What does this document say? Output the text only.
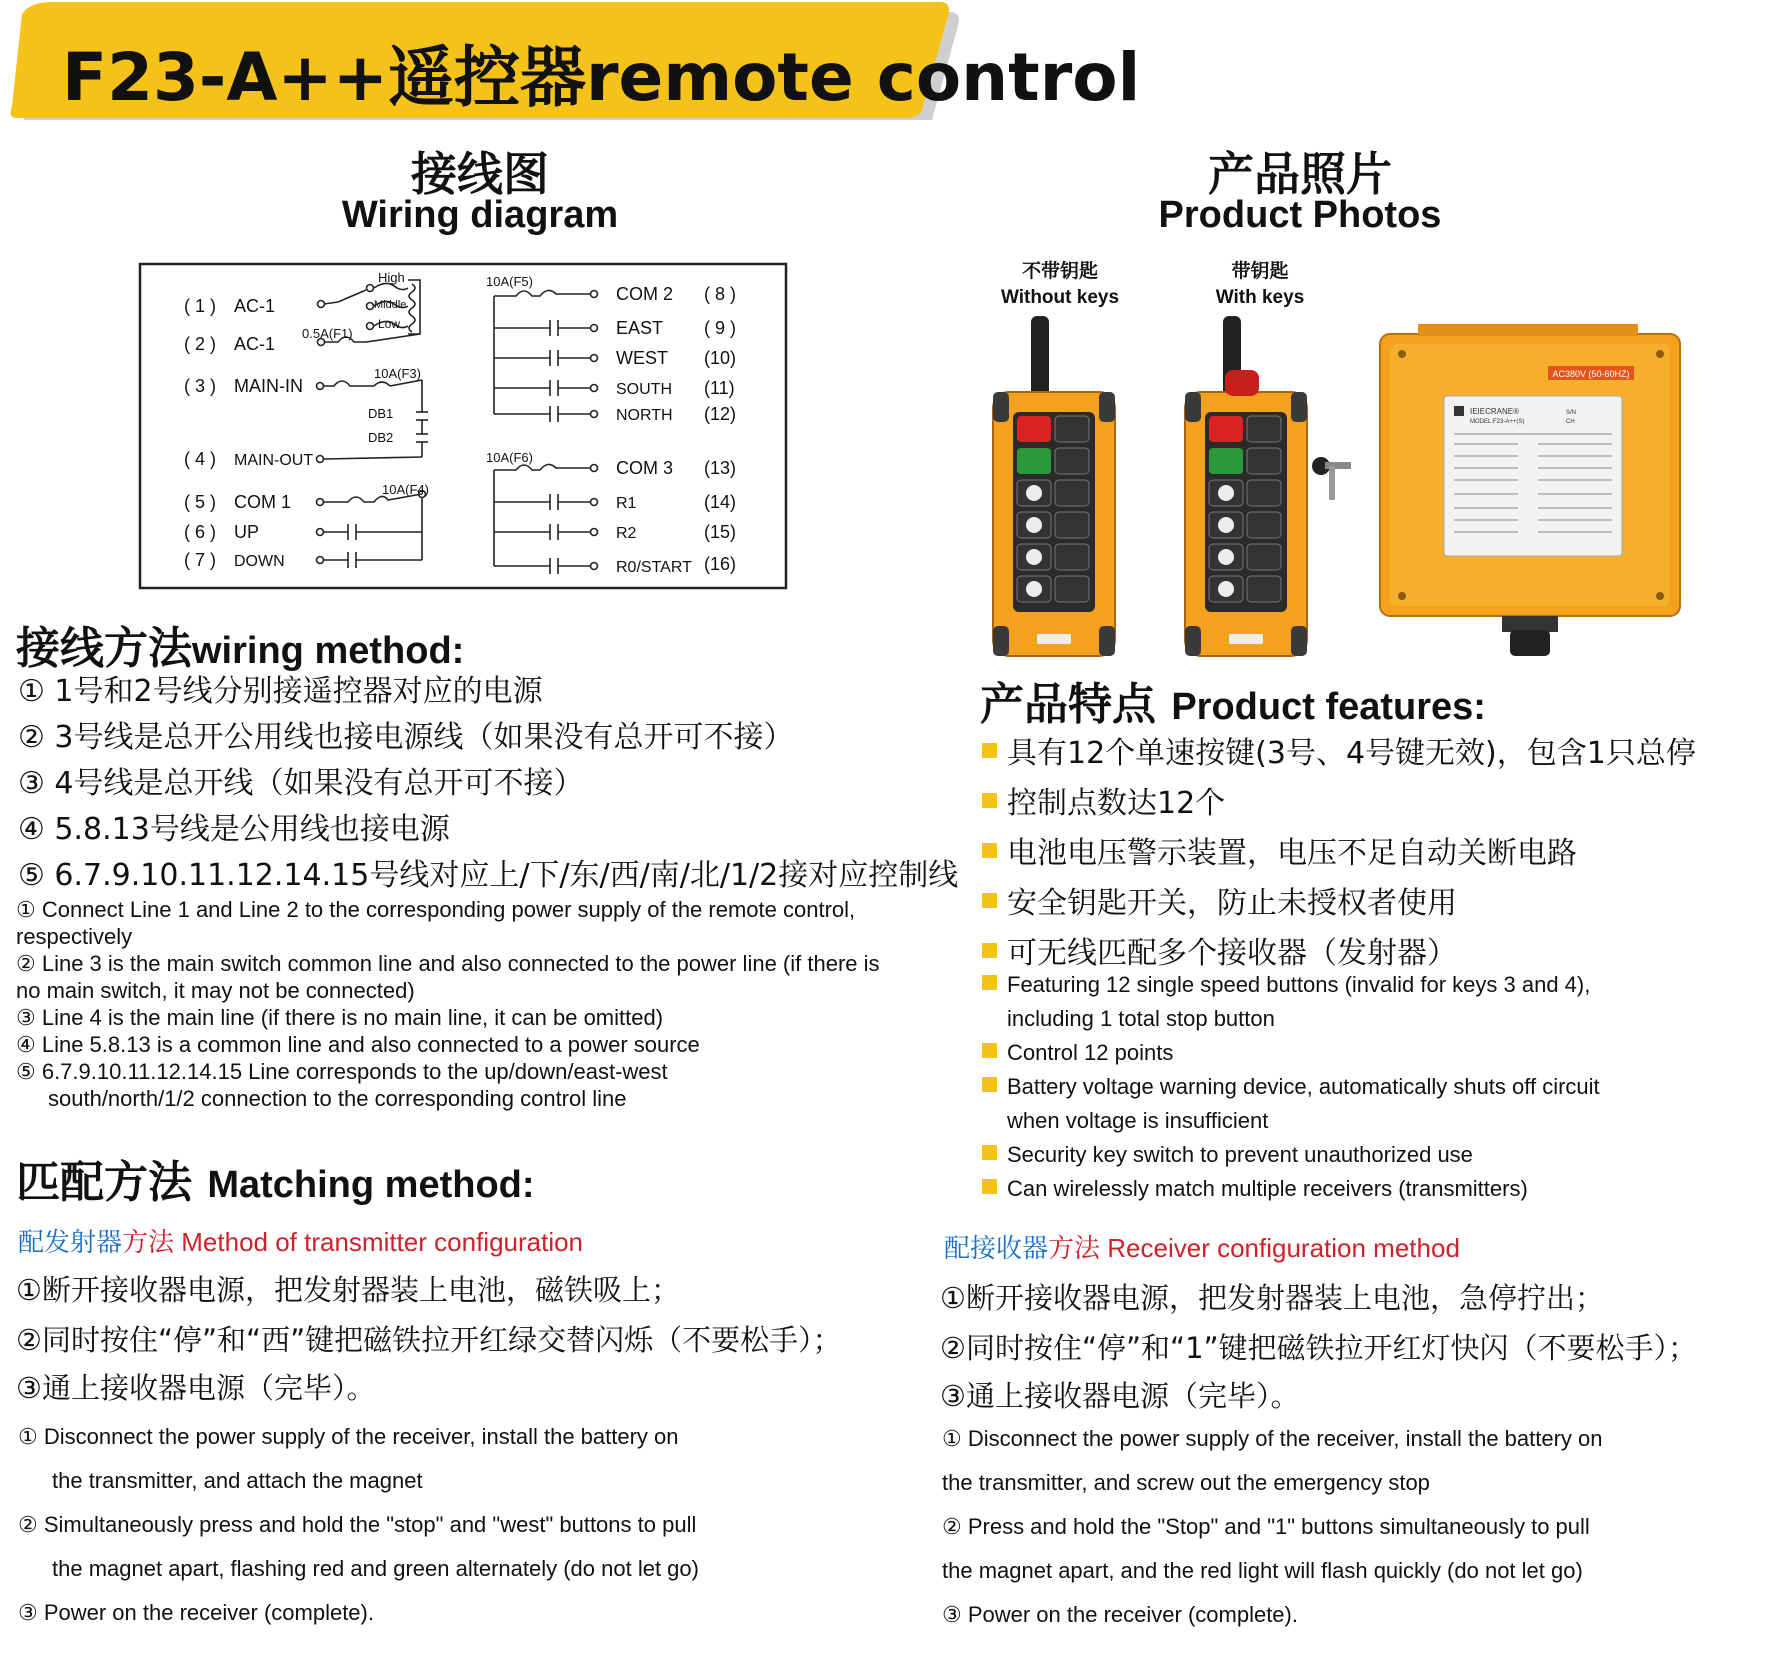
F23-A++遥控器remote control
接线图
Wiring diagram
( 1 ) AC-1
( 2 ) AC-1
( 3 ) MAIN-IN
( 4 ) MAIN-OUT
( 5 ) COM 1
( 6 ) UP
( 7 ) DOWN
COM 2 ( 8 )
EAST ( 9 )
WEST (10)
SOUTH (11)
NORTH (12)
COM 3 (13)
R1	(14)
R2	(15)
R0/START (16)
High
Middle
Low
0.5A(F1)
10A(F3)
DB1
DB2
10A(F4)
10A(F5)
10A(F6)
产品照片
Product Photos
不带钥匙
Without keys
带钥匙
With keys
AC380V (50-60HZ)
IEIECRANE®
MODEL:F23-A++(S)
S/N
CH
接线方法wiring method:
① 1号和2号线分别接遥控器对应的电源
② 3号线是总开公用线也接电源线（如果没有总开可不接）
③ 4号线是总开线（如果没有总开可不接）
④ 5.8.13号线是公用线也接电源
⑤ 6.7.9.10.11.12.14.15号线对应上/下/东/西/南/北/1/2接对应控制线
① Connect Line 1 and Line 2 to the corresponding power supply of the remote control,
respectively
② Line 3 is the main switch common line and also connected to the power line (if there is
no main switch, it may not be connected)
③ Line 4 is the main line (if there is no main line, it can be omitted)
④ Line 5.8.13 is a common line and also connected to a power source
⑤ 6.7.9.10.11.12.14.15 Line corresponds to the up/down/east-west
south/north/1/2 connection to the corresponding control line
产品特点 Product features:
具有12个单速按键(3号、4号键无效)，包含1只总停
控制点数达12个
电池电压警示装置，电压不足自动关断电路
安全钥匙开关，防止未授权者使用
可无线匹配多个接收器（发射器）
Featuring 12 single speed buttons (invalid for keys 3 and 4),
including 1 total stop button
Control 12 points
Battery voltage warning device, automatically shuts off circuit
when voltage is insufficient
Security key switch to prevent unauthorized use
Can wirelessly match multiple receivers (transmitters)
匹配方法 Matching method:
配发射器方法 Method of transmitter configuration
①断开接收器电源，把发射器装上电池，磁铁吸上；
②同时按住“停”和“西”键把磁铁拉开红绿交替闪烁（不要松手）；
③通上接收器电源（完毕）。
① Disconnect the power supply of the receiver, install the battery on
the transmitter, and attach the magnet
② Simultaneously press and hold the "stop" and "west" buttons to pull
the magnet apart, flashing red and green alternately (do not let go)
③ Power on the receiver (complete).
配接收器方法 Receiver configuration method
①断开接收器电源，把发射器装上电池，急停拧出；
②同时按住“停”和“1”键把磁铁拉开红灯快闪（不要松手）；
③通上接收器电源（完毕）。
① Disconnect the power supply of the receiver, install the battery on
the transmitter, and screw out the emergency stop
② Press and hold the "Stop" and "1" buttons simultaneously to pull
the magnet apart, and the red light will flash quickly (do not let go)
③ Power on the receiver (complete).
